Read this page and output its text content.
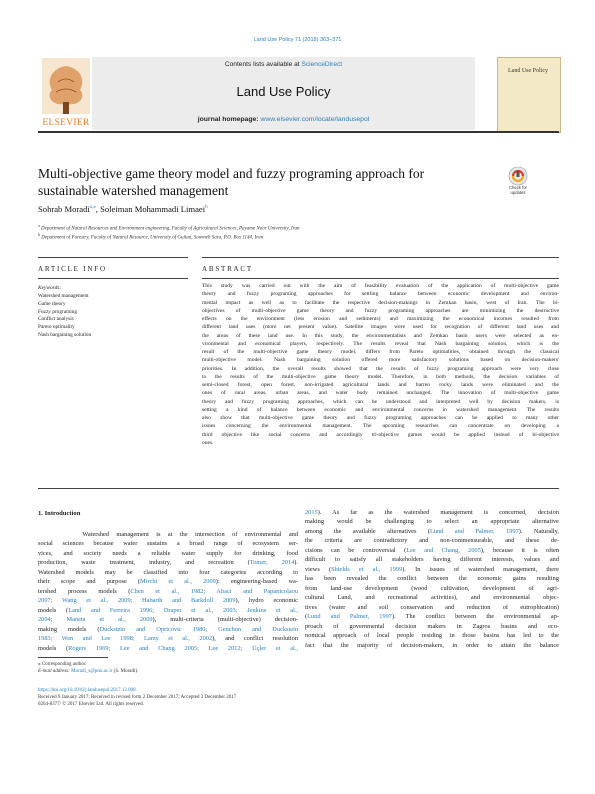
Land Use Policy 71 (2018) 363–371
ELSEVIER
Contents lists available at ScienceDirect
Land Use Policy
journal homepage: www.elsevier.com/locate/landusepol
Land Use Policy
Multi-objective game theory model and fuzzy programing approach for
sustainable watershed management	Check for
updates
Sohrab Moradi$^{a,⁎}$, Soleiman Mohammadi Limaei$^b$
$^a$ Department of Natural Resources and Environment engineering, Faculty of Agricultural Sciences, Payame Noor University, Iran
$^b$ Department of Forestry, Faculty of Natural Resource, University of Guilan, Sowmeh Sara, P.O. Box 1144, Iran
ARTICLE INFO	ABSTRACT
Keywords:
Watershed management
Game theory
Fuzzy programing
Conflict analysis
Pareto optimality
Nash bargaining solution
This study was carried out with the aim of feasibility evaluation of the application of multi-objective game
theory and fuzzy programing approaches for settling balance between economic development and environ-
mental impact as well as to facilitate the respective decision-makings in Zemkan basin, west of Iran. The bi-
objectives of multi-objective game theory and fuzzy programing approaches are minimizing the destructive
effects on the environment (less erosion and sediments) and maximizing the economical incomes resulted from
different land uses (more net present value). Satellite images were used for recognition of different land uses and
the areas of these land use. In this study, the environmentalists and Zemkan basin users were selected as en-
vironmental and economical players, respectively. The results reveal that Nash bargaining solution, which is the
result of the multi-objective game theory model, differs from Pareto optimalities, obtained through the classical
multi-objective model. Nash bargaining solution offered more satisfactory solutions based on decision-makers'
priorities. In addition, the overall results showed that the results of fuzzy programing approach were very close
to the results of the multi-objective game theory model. Therefore, in both methods, the decision variables of
semi-closed forest, open forest, non-irrigated agricultural lands and barren rocky lands were eliminated and the
ones of rural areas, urban areas, and water body remained unchanged. The innovation of multi-objective game
theory and fuzzy programing approaches, which can be understood and interpreted well by decision makers, is
setting a kind of balance between economic and environmental concerns in watershed management. The results
also show that multi-objective game theory and fuzzy programing approaches can be applied to many other
issues concerning the environmental management. The upcoming researches can concentrate on developing a
third objective like social concerns and accordingly tri-objective games would be applied instead of bi-objective
ones.
1. Introduction
Watershed management is at the intersection of environmental and
social sciences because water sustains a broad range of ecosystem ser-
vices, and society needs a reliable water supply for drinking, food
production, waste treatment, industry, and recreation (Tomer, 2014).
Watershed models may be classified into four categories according to
their scope and purpose (Mirchi et al., 2009): engineering-based wa-
tershed process models (Chen et al., 1982; Abaci and Papanicolaou
2007; Wang et al., 2009; Habarth and Barkdoll 2009), hydro economic
models (Land and Ferreira 1996; Draper et al., 2003; Jenkins et al.,
2004; Maneta et al., 2009), multi-criteria (multi-objective) decision-
making models (Duckstein and Opricovic 1980; Genchon and Duckstein
1983; Wen and Lee 1998; Lamy et al., 2002), and conflict resolution
models (Rogers 1969; Lee and Chang 2005; Lee 2012; Üçler et al.,
2015). As far as the watershed management is concerned, decision
making would be challenging to select an appropriate alternative
among the available alternatives (Lund and Palmer, 1997). Naturally,
the criteria are contradictory and non-commensurable, and these de-
cisions can be controversial (Lee and Chang, 2005), because it is often
difficult to satisfy all stakeholders having different interests, values and
views (Shields et al., 1999). In issues of watershed management, there
has been revealed the conflict between the economic gains resulting
from land-use development (wood cultivation, development of agri-
cultural Land, and recreational activities), and environmental objec-
tives (water and soil conservation and reduction of eutrophication)
(Lund and Palmer, 1997). The conflict between the environmental ap-
proach of governmental decision makers in Zagros basins and eco-
nomical approach of local people residing in those basins has led to the
fact that the majority of decision-makers, in order to attain the balance
⁎ Corresponding author.
E-mail address: Moradi_s@pnu.ac.ir (S. Moradi).
https://doi.org/10.1016/j.landusepol.2017.12.008
Received 9 January 2017; Received in revised form 2 December 2017; Accepted 3 December 2017
0264-8377/ © 2017 Elsevier Ltd. All rights reserved.
